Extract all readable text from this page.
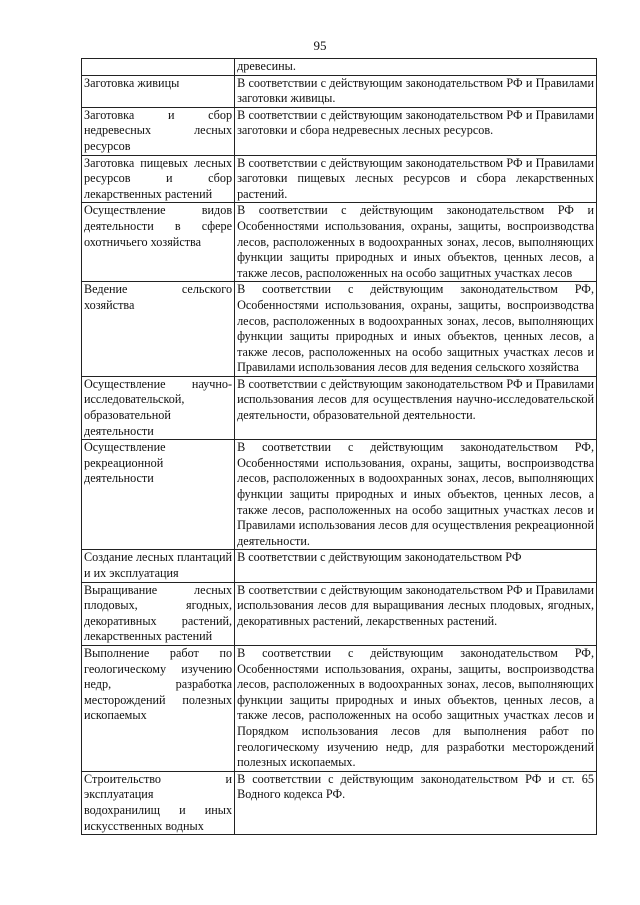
95
	древесины.
Заготовка живицы	В соответствии с действующим законодательством РФ и Правилами заготовки живицы.
Заготовка и сбор недревесных лесных ресурсов	В соответствии с действующим законодательством РФ и Правилами заготовки и сбора недревесных лесных ресурсов.
Заготовка пищевых лесных ресурсов и сбор лекарственных растений	В соответствии с действующим законодательством РФ и Правилами заготовки пищевых лесных ресурсов и сбора лекарственных растений.
Осуществление видов деятельности в сфере охотничьего хозяйства	В соответствии с действующим законодательством РФ и Особенностями использования, охраны, защиты, воспроизводства лесов, расположенных в водоохранных зонах, лесов, выполняющих функции защиты природных и иных объектов, ценных лесов, а также лесов, расположенных на особо защитных участках лесов
Ведение сельского хозяйства	В соответствии с действующим законодательством РФ, Особенностями использования, охраны, защиты, воспроизводства лесов, расположенных в водоохранных зонах, лесов, выполняющих функции защиты природных и иных объектов, ценных лесов, а также лесов, расположенных на особо защитных участках лесов и Правилами использования лесов для ведения сельского хозяйства
Осуществление научно-исследовательской, образовательной деятельности	В соответствии с действующим законодательством РФ и Правилами использования лесов для осуществления научно-исследовательской деятельности, образовательной деятельности.
Осуществление рекреационной деятельности	В соответствии с действующим законодательством РФ, Особенностями использования, охраны, защиты, воспроизводства лесов, расположенных в водоохранных зонах, лесов, выполняющих функции защиты природных и иных объектов, ценных лесов, а также лесов, расположенных на особо защитных участках лесов и Правилами использования лесов для осуществления рекреационной деятельности.
Создание лесных плантаций и их эксплуатация	В соответствии с действующим законодательством РФ
Выращивание лесных плодовых, ягодных, декоративных растений, лекарственных растений	В соответствии с действующим законодательством РФ и Правилами использования лесов для выращивания лесных плодовых, ягодных, декоративных растений, лекарственных растений.
Выполнение работ по геологическому изучению недр, разработка месторождений полезных ископаемых	В соответствии с действующим законодательством РФ, Особенностями использования, охраны, защиты, воспроизводства лесов, расположенных в водоохранных зонах, лесов, выполняющих функции защиты природных и иных объектов, ценных лесов, а также лесов, расположенных на особо защитных участках лесов и Порядком использования лесов для выполнения работ по геологическому изучению недр, для разработки месторождений полезных ископаемых.
Строительство и эксплуатация водохранилищ и иных искусственных водных	В соответствии с действующим законодательством РФ и ст. 65 Водного кодекса РФ.
